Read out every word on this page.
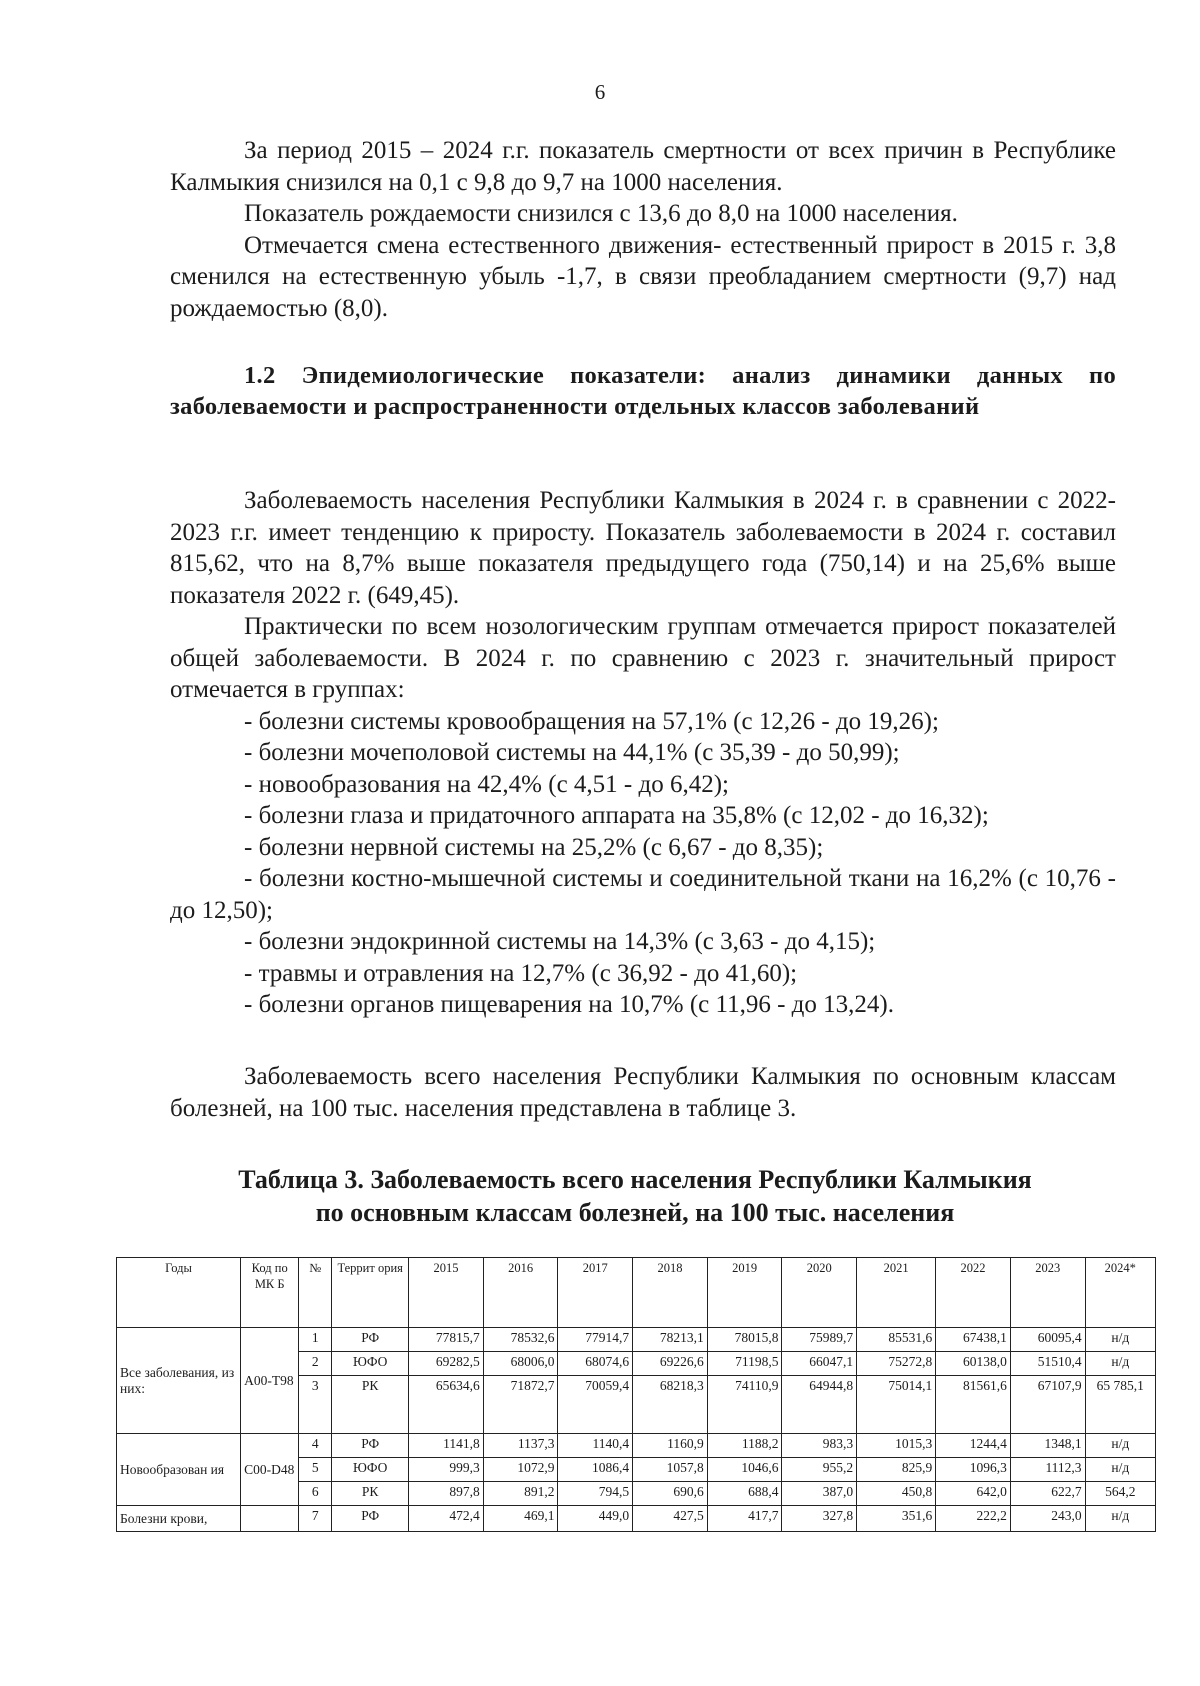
6

За период 2015 – 2024 г.г. показатель смертности от всех причин в Республике Калмыкия снизился на 0,1 с 9,8 до 9,7 на 1000 населения.

Показатель рождаемости снизился с 13,6 до 8,0 на 1000 населения.

Отмечается смена естественного движения- естественный прирост в 2015 г. 3,8 сменился на естественную убыль -1,7, в связи преобладанием смертности (9,7) над рождаемостью (8,0).

1.2 Эпидемиологические показатели: анализ динамики данных по заболеваемости и распространенности отдельных классов заболеваний

Заболеваемость населения Республики Калмыкия в 2024 г. в сравнении с 2022-2023 г.г. имеет тенденцию к приросту. Показатель заболеваемости в 2024 г. составил 815,62, что на 8,7% выше показателя предыдущего года (750,14) и на 25,6% выше показателя 2022 г. (649,45).

Практически по всем нозологическим группам отмечается прирост показателей общей заболеваемости. В 2024 г. по сравнению с 2023 г. значительный прирост отмечается в группах:

- болезни системы кровообращения на 57,1% (с 12,26 - до 19,26);

- болезни мочеполовой системы на 44,1% (с 35,39 - до 50,99);

- новообразования на 42,4% (с 4,51 - до 6,42);

- болезни глаза и придаточного аппарата на 35,8% (с 12,02 - до 16,32);

- болезни нервной системы на 25,2% (с 6,67 - до 8,35);

- болезни костно-мышечной системы и соединительной ткани на 16,2% (с 10,76 - до 12,50);

- болезни эндокринной системы на 14,3% (с 3,63 - до 4,15);

- травмы и отравления на 12,7% (с 36,92 - до 41,60);

- болезни органов пищеварения на 10,7% (с 11,96 - до 13,24).

Заболеваемость всего населения Республики Калмыкия по основным классам болезней, на 100 тыс. населения представлена в таблице 3.

Таблица 3. Заболеваемость всего населения Республики Калмыкия
по основным классам болезней, на 100 тыс. населения
Годы	Код по МК Б	№	Террит ория	2015	2016	2017	2018	2019	2020	2021	2022	2023	2024*
Все заболевания, из них:	А00-Т98	1	РФ	77815,7	78532,6	77914,7	78213,1	78015,8	75989,7	85531,6	67438,1	60095,4	н/д
		2	ЮФО	69282,5	68006,0	68074,6	69226,6	71198,5	66047,1	75272,8	60138,0	51510,4	н/д
		3	РК	65634,6	71872,7	70059,4	68218,3	74110,9	64944,8	75014,1	81561,6	67107,9	65 785,1
Новообразован ия	С00-D48	4	РФ	1141,8	1137,3	1140,4	1160,9	1188,2	983,3	1015,3	1244,4	1348,1	н/д
		5	ЮФО	999,3	1072,9	1086,4	1057,8	1046,6	955,2	825,9	1096,3	1112,3	н/д
		6	РК	897,8	891,2	794,5	690,6	688,4	387,0	450,8	642,0	622,7	564,2
Болезни крови,		7	РФ	472,4	469,1	449,0	427,5	417,7	327,8	351,6	222,2	243,0	н/д
